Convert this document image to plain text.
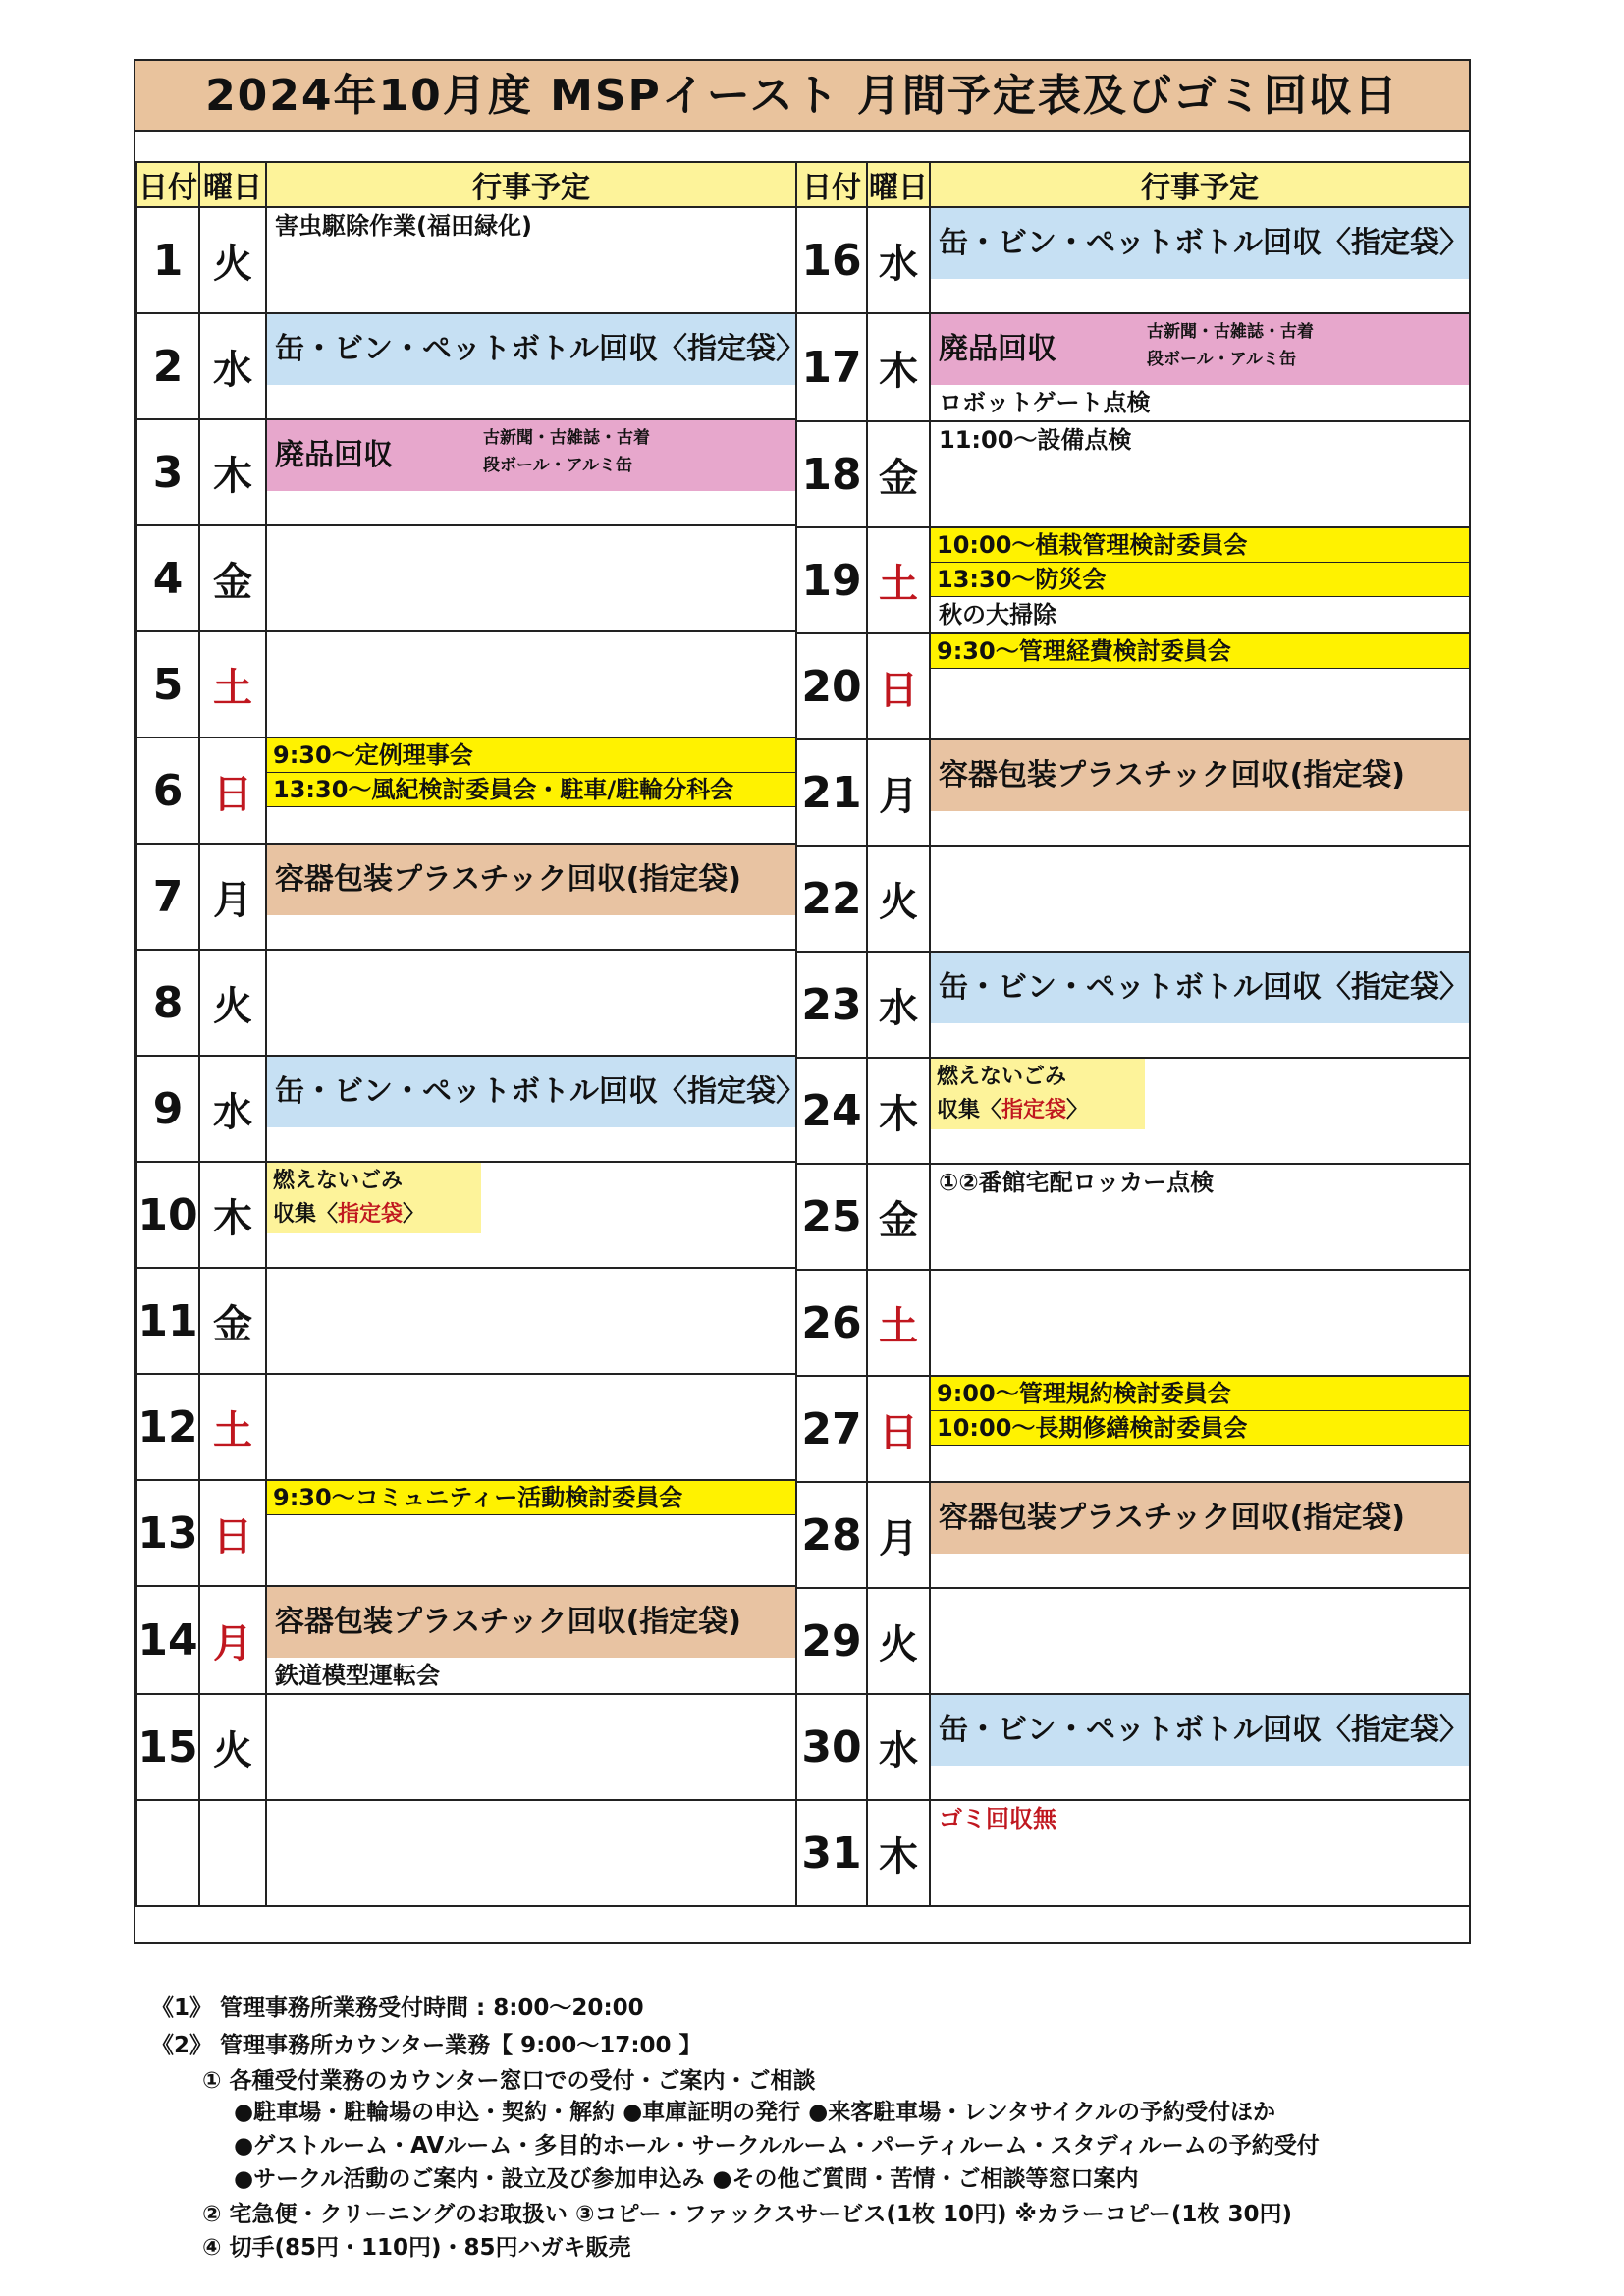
2024年10月度 MSPイースト 月間予定表及びゴミ回収日
日付	曜日	行事予定
1	火	害虫駆除作業(福田緑化)

2	水	缶・ビン・ペットボトル回収〈指定袋〉

3	木	廃品回収 古新聞・古雑誌・古着
段ボール・アルミ缶

4	金	

5	土	

6	日	9:30～定例理事会
13:30～風紀検討委員会・駐車/駐輪分科会

7	月	容器包装プラスチック回収(指定袋)

8	火	

9	水	缶・ビン・ペットボトル回収〈指定袋〉

10	木	燃えないごみ
収集〈指定袋〉

11	金	

12	土	

13	日	9:30～コミュニティー活動検討委員会

14	月	容器包装プラスチック回収(指定袋)
鉄道模型運転会

15	火	

日付	曜日	行事予定
16	水	缶・ビン・ペットボトル回収〈指定袋〉

17	木	廃品回収 古新聞・古雑誌・古着
段ボール・アルミ缶
ロボットゲート点検

18	金	11:00～設備点検

19	土	10:00～植栽管理検討委員会
13:30～防災会
秋の大掃除

20	日	9:30～管理経費検討委員会

21	月	容器包装プラスチック回収(指定袋)

22	火	

23	水	缶・ビン・ペットボトル回収〈指定袋〉

24	木	燃えないごみ
収集〈指定袋〉

25	金	①②番館宅配ロッカー点検

26	土	

27	日	9:00～管理規約検討委員会
10:00～長期修繕検討委員会

28	月	容器包装プラスチック回収(指定袋)

29	火	

30	水	缶・ビン・ペットボトル回収〈指定袋〉

31	木	ゴミ回収無
《1》 管理事務所業務受付時間 : 8:00～20:00
《2》 管理事務所カウンター業務【 9:00～17:00 】
① 各種受付業務のカウンター窓口での受付・ご案内・ご相談
●駐車場・駐輪場の申込・契約・解約 ●車庫証明の発行 ●来客駐車場・レンタサイクルの予約受付ほか
●ゲストルーム・AVルーム・多目的ホール・サークルルーム・パーティルーム・スタディルームの予約受付
●サークル活動のご案内・設立及び参加申込み ●その他ご質問・苦情・ご相談等窓口案内
② 宅急便・クリーニングのお取扱い ③コピー・ファックスサービス(1枚 10円) ※カラーコピー(1枚 30円)
④ 切手(85円・110円)・85円ハガキ販売
